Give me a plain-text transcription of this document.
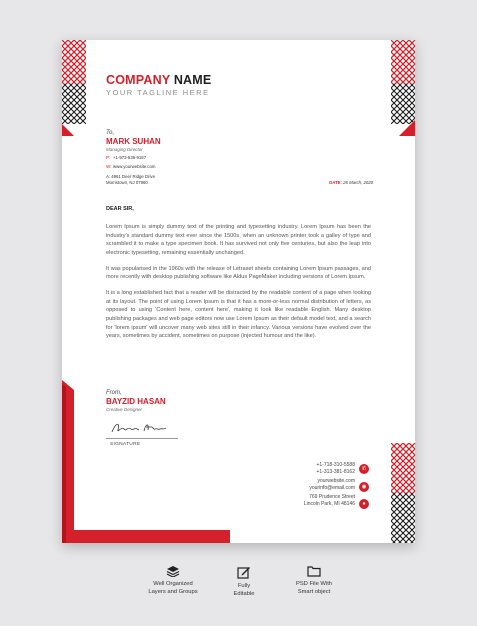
COMPANY NAME
YOUR TAGLINE HERE
To,
MARK SUHAN
Managing Director
P: +1-973-536-9187
W: www.yourwebsite.com
A: 4961 Deer Ridge Drive
Morristown, NJ 07960	DATE: 26 March, 2020
DEAR SIR,

Lorem Ipsum is simply dummy text of the printing and typesetting industry. Lorem Ipsum has been the industry's standard dummy text ever since the 1500s, when an unknown printer took a galley of type and scrambled it to make a type specimen book. It has survived not only five centuries, but also the leap into electronic typesetting, remaining essentially unchanged.

It was popularised in the 1960s with the release of Letraset sheets containing Lorem Ipsum passages, and more recently with desktop publishing software like Aldus PageMaker including versions of Lorem Ipsum.

It is a long established fact that a reader will be distracted by the readable content of a page when looking at its layout. The point of using Lorem Ipsum is that it has a more-or-less normal distribution of letters, as opposed to using 'Content here, content here', making it look like readable English. Many desktop publishing packages and web page editors now use Lorem Ipsum as their default model text, and a search for 'lorem ipsum' will uncover many web sites still in their infancy. Various versions have evolved over the years, sometimes by accident, sometimes on purpose (injected humour and the like).

From,
BAYZID HASAN
Creative Designer
SIGNATURE
+1-718-310-5588
+1-313-381-8162
yourwebsite.com
yourinfo@email.com
769 Prudence Street
Lincoln Park, MI 48146
✆
◉
●
Well Organized
Layers and Groups
Fully
Editable
PSD File With
Smart object
